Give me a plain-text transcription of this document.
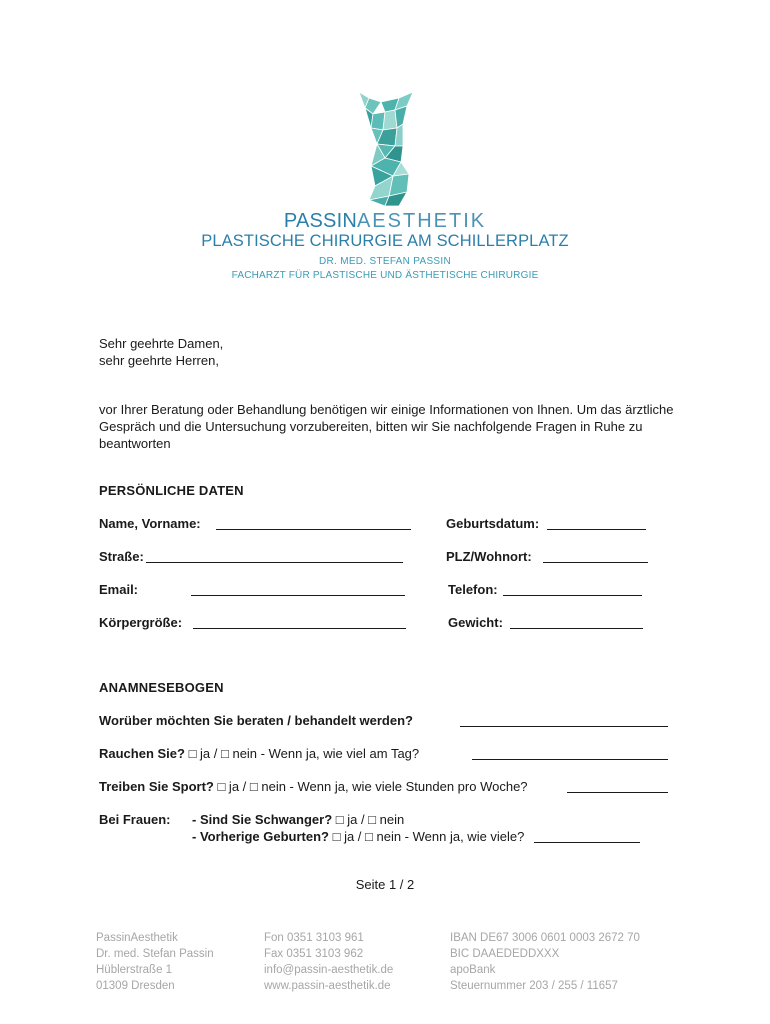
PASSINAESTHETIK
PLASTISCHE CHIRURGIE AM SCHILLERPLATZ
DR. MED. STEFAN PASSIN
FACHARZT FÜR PLASTISCHE UND ÄSTHETISCHE CHIRURGIE
Sehr geehrte Damen,
sehr geehrte Herren,
vor Ihrer Beratung oder Behandlung benötigen wir einige Informationen von Ihnen. Um das ärztliche Gespräch und die Untersuchung vorzubereiten, bitten wir Sie nachfolgende Fragen in Ruhe zu beantworten
PERSÖNLICHE DATEN
Name, Vorname:	Geburtsdatum:
Straße:	PLZ/Wohnort:
Email:	Telefon:
Körpergröße:	Gewicht:
ANAMNESEBOGEN
Worüber möchten Sie beraten / behandelt werden?
Rauchen Sie? □ ja / □ nein - Wenn ja, wie viel am Tag?
Treiben Sie Sport? □ ja / □ nein - Wenn ja, wie viele Stunden pro Woche?
Bei Frauen: - Sind Sie Schwanger? □ ja / □ nein
- Vorherige Geburten? □ ja / □ nein - Wenn ja, wie viele?
Seite 1 / 2
PassinAesthetik
Dr. med. Stefan Passin
Hüblerstraße 1
01309 Dresden
Fon 0351 3103 961
Fax 0351 3103 962
info@passin-aesthetik.de
www.passin-aesthetik.de
IBAN DE67 3006 0601 0003 2672 70
BIC DAAEDEDDXXX
apoBank
Steuernummer 203 / 255 / 11657
